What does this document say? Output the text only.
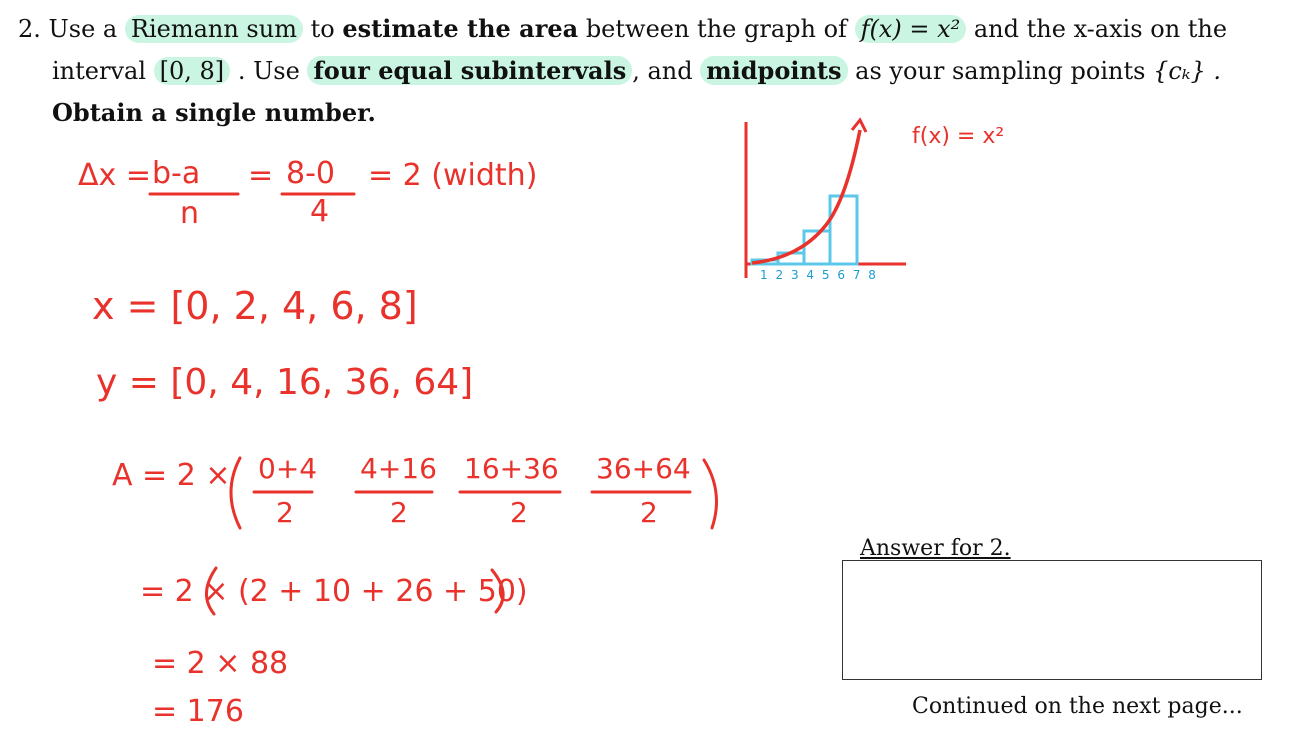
2. Use a Riemann sum to estimate the area between the graph of f(x) = x² and the x-axis on the
interval [0, 8] . Use four equal subintervals , and midpoints as your sampling points {cₖ} .
Obtain a single number.
Δx = b-a
n
= 8-0
4
= 2 (width)
x = [0, 2, 4, 6, 8]
y = [0, 4, 16, 36, 64]
A = 2 × 0+4
2
4+16
2
16+36
2
36+64
2
= 2 × (2 + 10 + 26 + 50)
= 2 × 88
= 176
1 2 3 4 5 6 7 8
f(x) = x²
Answer for 2.
Continued on the next page...
